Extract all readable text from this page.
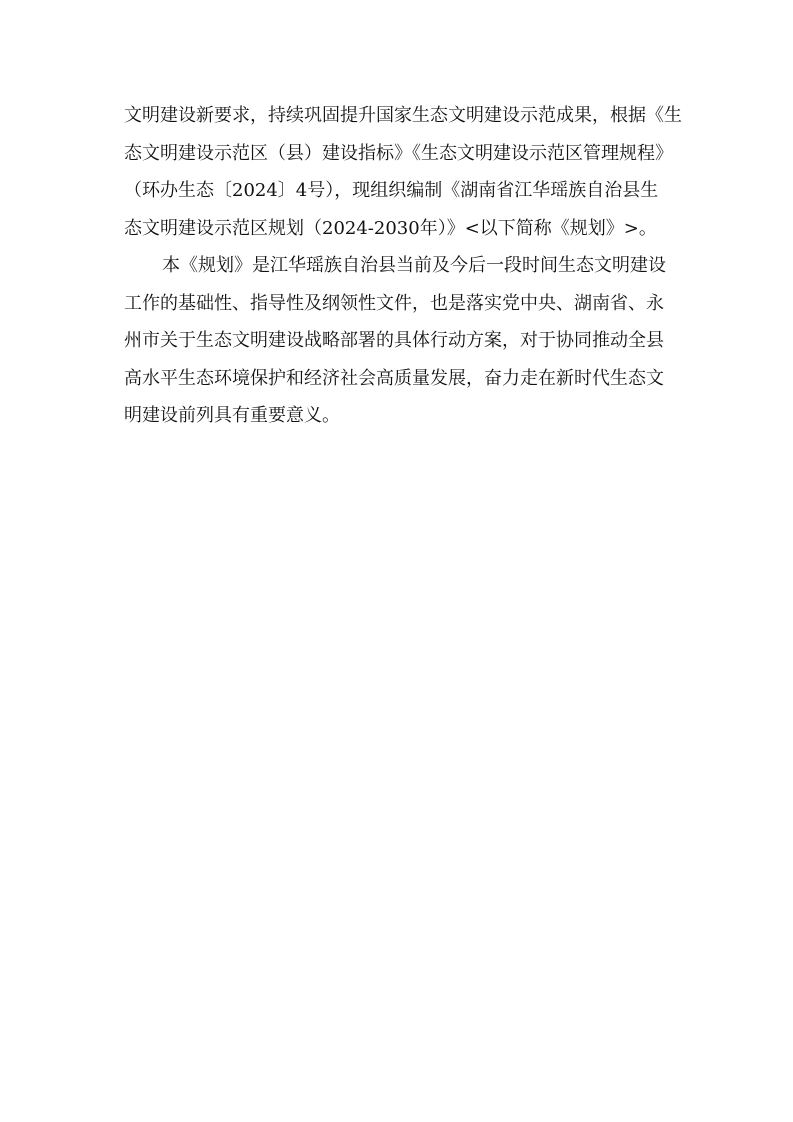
文明建设新要求，持续巩固提升国家生态文明建设示范成果，根据《生
态文明建设示范区（县）建设指标》《生态文明建设示范区管理规程》
（环办生态〔2024〕4号），现组织编制《湖南省江华瑶族自治县生
态文明建设示范区规划（2024-2030年）》<以下简称《规划》>。
本《规划》是江华瑶族自治县当前及今后一段时间生态文明建设
工作的基础性、指导性及纲领性文件，也是落实党中央、湖南省、永
州市关于生态文明建设战略部署的具体行动方案，对于协同推动全县
高水平生态环境保护和经济社会高质量发展，奋力走在新时代生态文
明建设前列具有重要意义。
